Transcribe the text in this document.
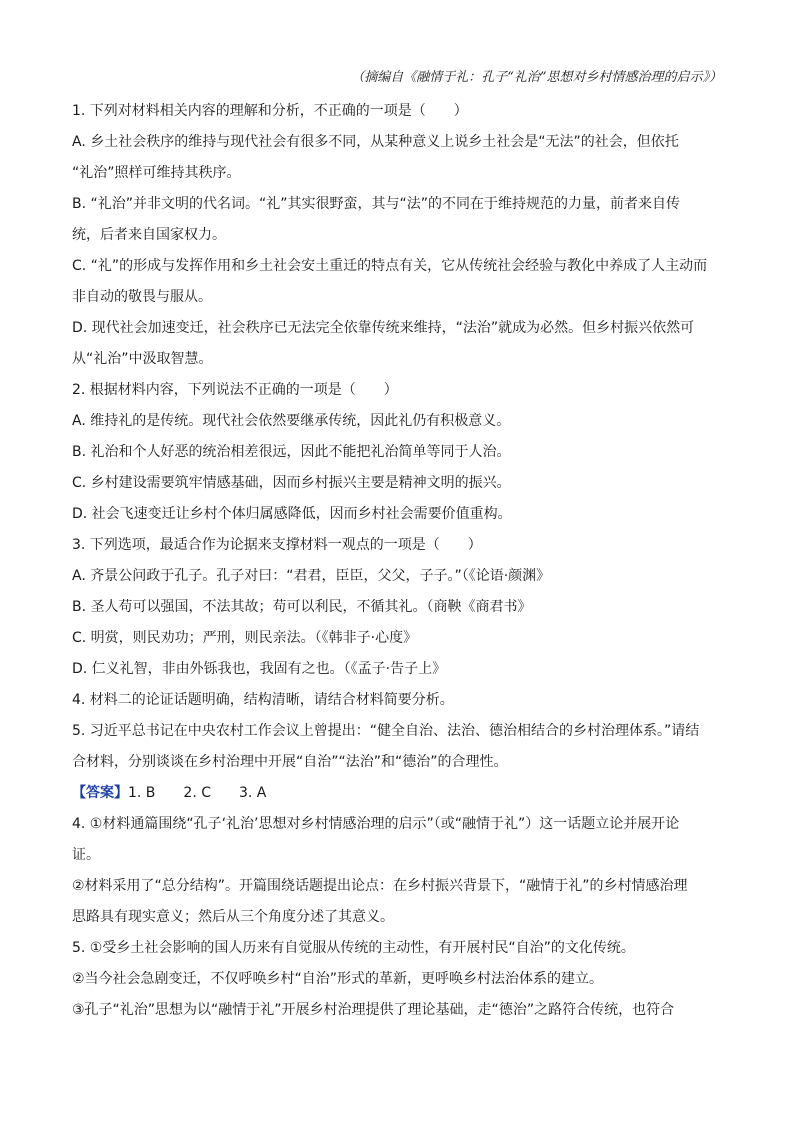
（摘编自《融情于礼：孔子“礼治”思想对乡村情感治理的启示》）
1. 下列对材料相关内容的理解和分析，不正确的一项是（　　）
A. 乡土社会秩序的维持与现代社会有很多不同，从某种意义上说乡土社会是“无法”的社会，但依托
“礼治”照样可维持其秩序。
B. “礼治”并非文明的代名词。“礼”其实很野蛮，其与“法”的不同在于维持规范的力量，前者来自传
统，后者来自国家权力。
C. “礼”的形成与发挥作用和乡土社会安土重迁的特点有关，它从传统社会经验与教化中养成了人主动而
非自动的敬畏与服从。
D. 现代社会加速变迁，社会秩序已无法完全依靠传统来维持，“法治”就成为必然。但乡村振兴依然可
从“礼治”中汲取智慧。
2. 根据材料内容，下列说法不正确的一项是（　　）
A. 维持礼的是传统。现代社会依然要继承传统，因此礼仍有积极意义。
B. 礼治和个人好恶的统治相差很远，因此不能把礼治简单等同于人治。
C. 乡村建设需要筑牢情感基础，因而乡村振兴主要是精神文明的振兴。
D. 社会飞速变迁让乡村个体归属感降低，因而乡村社会需要价值重构。
3. 下列选项，最适合作为论据来支撑材料一观点的一项是（　　）
A. 齐景公问政于孔子。孔子对曰：“君君，臣臣，父父，子子。”（《论语·颜渊》
B. 圣人苟可以强国，不法其故；苟可以利民，不循其礼。（商鞅《商君书》
C. 明赏，则民劝功；严刑，则民亲法。（《韩非子·心度》
D. 仁义礼智，非由外铄我也，我固有之也。（《孟子·告子上》
4. 材料二的论证话题明确，结构清晰，请结合材料简要分析。
5. 习近平总书记在中央农村工作会议上曾提出：“健全自治、法治、德治相结合的乡村治理体系。”请结
合材料，分别谈谈在乡村治理中开展“自治”“法治”和“德治”的合理性。
【答案】1. B　　2. C　　3. A
4. ①材料通篇围绕“孔子‘礼治’思想对乡村情感治理的启示”（或“融情于礼”）这一话题立论并展开论
证。
②材料采用了“总分结构”。开篇围绕话题提出论点：在乡村振兴背景下，“融情于礼”的乡村情感治理
思路具有现实意义；然后从三个角度分述了其意义。
5. ①受乡土社会影响的国人历来有自觉服从传统的主动性，有开展村民“自治”的文化传统。
②当今社会急剧变迁，不仅呼唤乡村“自治”形式的革新，更呼唤乡村法治体系的建立。
③孔子“礼治”思想为以“融情于礼”开展乡村治理提供了理论基础，走“德治”之路符合传统，也符合
